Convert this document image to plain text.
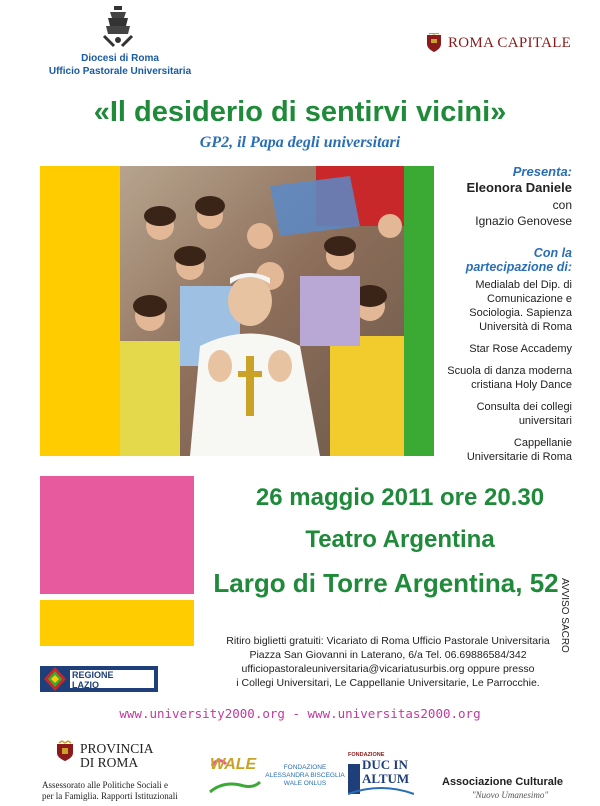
Diocesi di Roma
Ufficio Pastorale Universitaria
ROMA CAPITALE
«Il desiderio di sentirvi vicini»
GP2, il Papa degli universitari
Presenta:
Eleonora Daniele
con
Ignazio Genovese
Con la
partecipazione di:
Medialab del Dip. di
Comunicazione e
Sociologia. Sapienza
Università di Roma
Star Rose Accademy
Scuola di danza moderna
cristiana Holy Dance
Consulta dei collegi
universitari
Cappellanie
Universitarie di Roma
26 maggio 2011 ore 20.30
Teatro Argentina
Largo di Torre Argentina, 52 AVVISO SACRO
Ritiro biglietti gratuiti: Vicariato di Roma Ufficio Pastorale Universitaria
Piazza San Giovanni in Laterano, 6/a Tel. 06.69886584/342
ufficiopastoraleuniversitaria@vicariatusurbis.org oppure presso
i Collegi Universitari, Le Cappellanie Universitarie, Le Parrocchie.
REGIONE
LAZIO
www.university2000.org - www.universitas2000.org
PROVINCIA
DI ROMA
Assessorato alle Politiche Sociali e
per la Famiglia. Rapporti Istituzionali
WALE	FONDAZIONE
ALESSANDRA BISCEGLIA
WALE ONLUS
FONDAZIONE
DUC IN
ALTUM	Associazione Culturale
"Nuovo Umanesimo"
